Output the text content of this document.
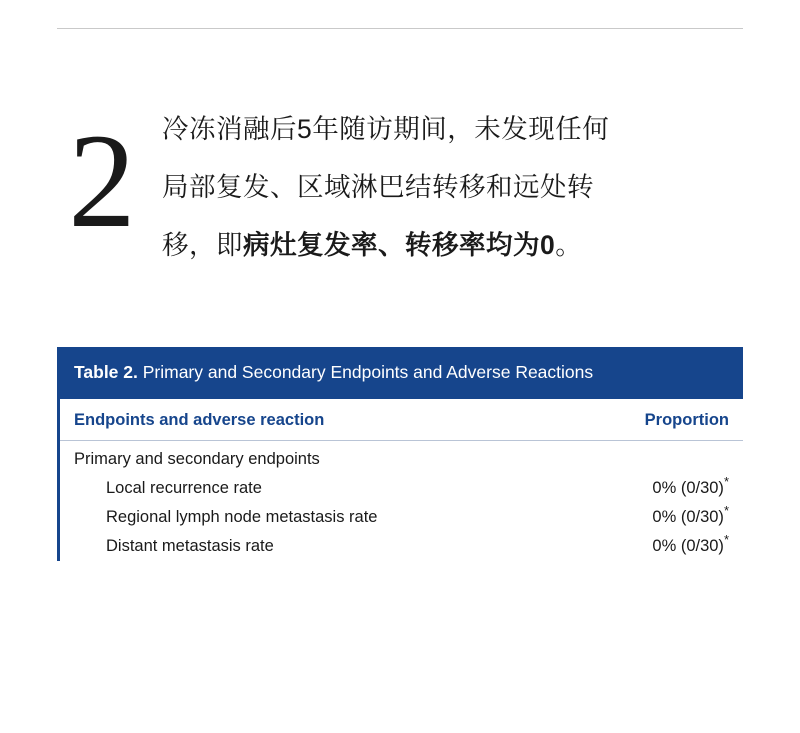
2 冷冻消融后5年随访期间，未发现任何
局部复发、区域淋巴结转移和远处转
移，即病灶复发率、转移率均为0。
Table 2. Primary and Secondary Endpoints and Adverse Reactions
Endpoints and adverse reaction	Proportion
Primary and secondary endpoints
Local recurrence rate	0% (0/30)*
Regional lymph node metastasis rate	0% (0/30)*
Distant metastasis rate	0% (0/30)*
